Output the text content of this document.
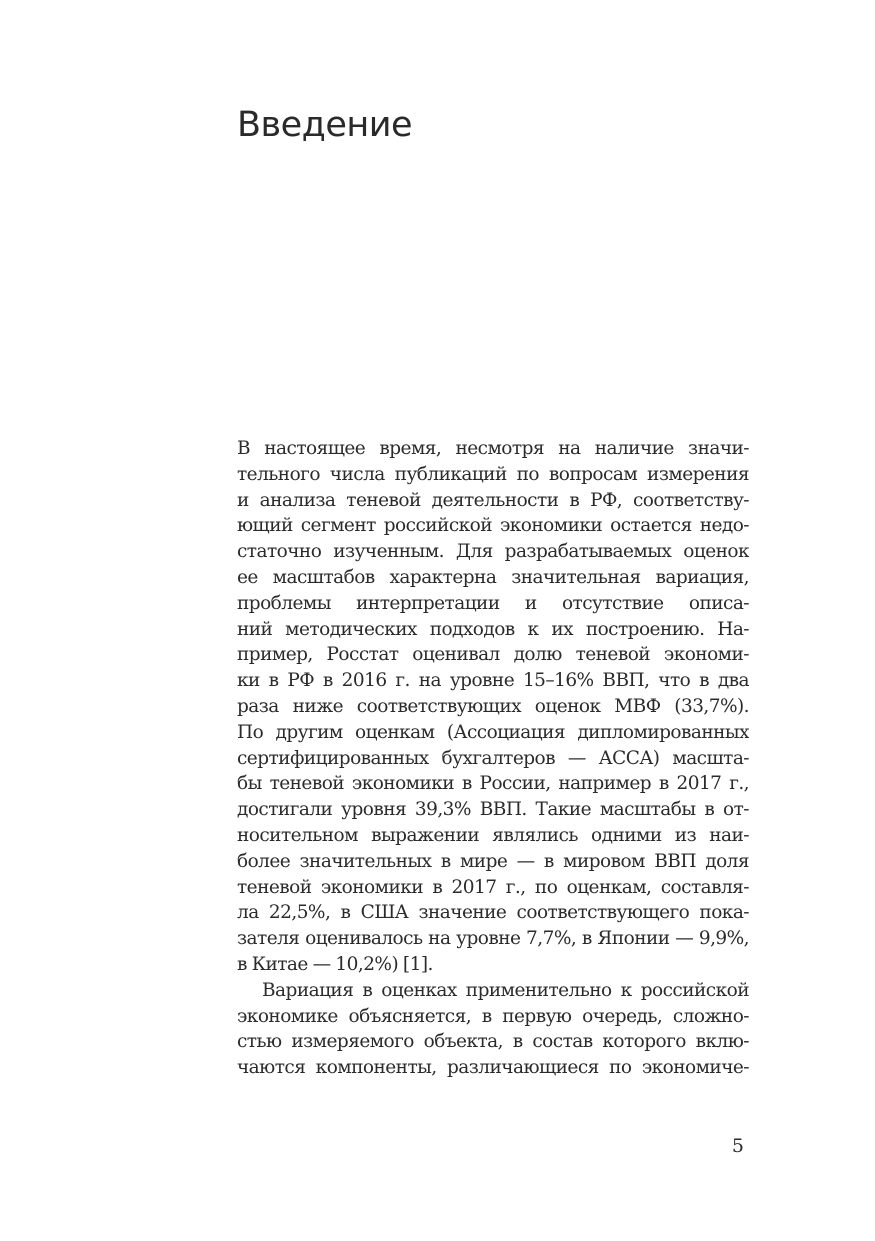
Введение
В настоящее время, несмотря на наличие значи-
тельного числа публикаций по вопросам измерения
и анализа теневой деятельности в РФ, соответству-
ющий сегмент российской экономики остается недо-
статочно изученным. Для разрабатываемых оценок
ее масштабов характерна значительная вариация,
проблемы интерпретации и отсутствие описа-
ний методических подходов к их построению. На-
пример, Росстат оценивал долю теневой экономи-
ки в РФ в 2016 г. на уровне 15–16% ВВП, что в два
раза ниже соответствующих оценок МВФ (33,7%).
По другим оценкам (Ассоциация дипломированных
сертифицированных бухгалтеров — АССА) масшта-
бы теневой экономики в России, например в 2017 г.,
достигали уровня 39,3% ВВП. Такие масштабы в от-
носительном выражении являлись одними из наи-
более значительных в мире — в мировом ВВП доля
теневой экономики в 2017 г., по оценкам, составля-
ла 22,5%, в США значение соответствующего пока-
зателя оценивалось на уровне 7,7%, в Японии — 9,9%,
в Китае — 10,2%) [1].
Вариация в оценках применительно к российской
экономике объясняется, в первую очередь, сложно-
стью измеряемого объекта, в состав которого вклю-
чаются компоненты, различающиеся по экономиче-
5
